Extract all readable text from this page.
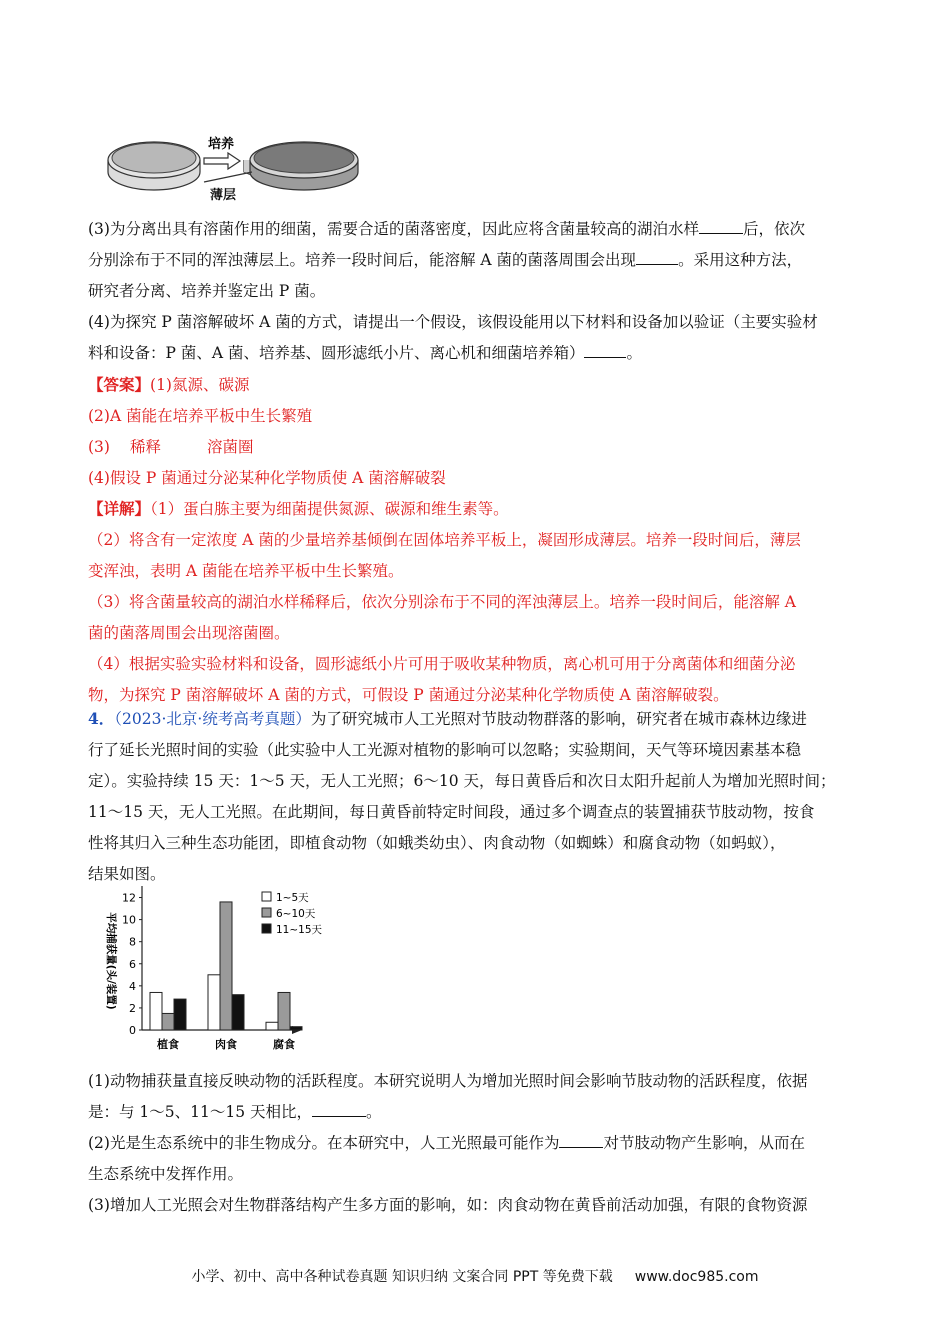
培养
薄层
(3)为分离出具有溶菌作用的细菌，需要合适的菌落密度，因此应将含菌量较高的湖泊水样	后，依次
分别涂布于不同的浑浊薄层上。培养一段时间后，能溶解 A 菌的菌落周围会出现	。采用这种方法，
研究者分离、培养并鉴定出 P 菌。
(4)为探究 P 菌溶解破坏 A 菌的方式，请提出一个假设，该假设能用以下材料和设备加以验证（主要实验材
料和设备：P 菌、A 菌、培养基、圆形滤纸小片、离心机和细菌培养箱）	。
【答案】(1)氮源、碳源
(2)A 菌能在培养平板中生长繁殖
(3) 稀释	溶菌圈
(4)假设 P 菌通过分泌某种化学物质使 A 菌溶解破裂
【详解】（1）蛋白胨主要为细菌提供氮源、碳源和维生素等。
（2）将含有一定浓度 A 菌的少量培养基倾倒在固体培养平板上，凝固形成薄层。培养一段时间后，薄层
变浑浊，表明 A 菌能在培养平板中生长繁殖。
（3）将含菌量较高的湖泊水样稀释后，依次分别涂布于不同的浑浊薄层上。培养一段时间后，能溶解 A
菌的菌落周围会出现溶菌圈。
（4）根据实验实验材料和设备，圆形滤纸小片可用于吸收某种物质，离心机可用于分离菌体和细菌分泌
物，为探究 P 菌溶解破坏 A 菌的方式，可假设 P 菌通过分泌某种化学物质使 A 菌溶解破裂。
4．（2023·北京·统考高考真题）为了研究城市人工光照对节肢动物群落的影响，研究者在城市森林边缘进
行了延长光照时间的实验（此实验中人工光源对植物的影响可以忽略；实验期间，天气等环境因素基本稳
定）。实验持续 15 天：1～5 天，无人工光照；6～10 天，每日黄昏后和次日太阳升起前人为增加光照时间；
11～15 天，无人工光照。在此期间，每日黄昏前特定时间段，通过多个调查点的装置捕获节肢动物，按食
性将其归入三种生态功能团，即植食动物（如蛾类幼虫）、肉食动物（如蜘蛛）和腐食动物（如蚂蚁），
结果如图。
0
2
4
6
8
10
12
平均捕获量(头/装置)
植食	肉食	腐食
1~5天
6~10天
11~15天
(1)动物捕获量直接反映动物的活跃程度。本研究说明人为增加光照时间会影响节肢动物的活跃程度，依据
是：与 1～5、11～15 天相比，	。
(2)光是生态系统中的非生物成分。在本研究中，人工光照最可能作为	对节肢动物产生影响，从而在
生态系统中发挥作用。
(3)增加人工光照会对生物群落结构产生多方面的影响，如：肉食动物在黄昏前活动加强，有限的食物资源
小学、初中、高中各种试卷真题 知识归纳 文案合同 PPT 等免费下载 www.doc985.com
